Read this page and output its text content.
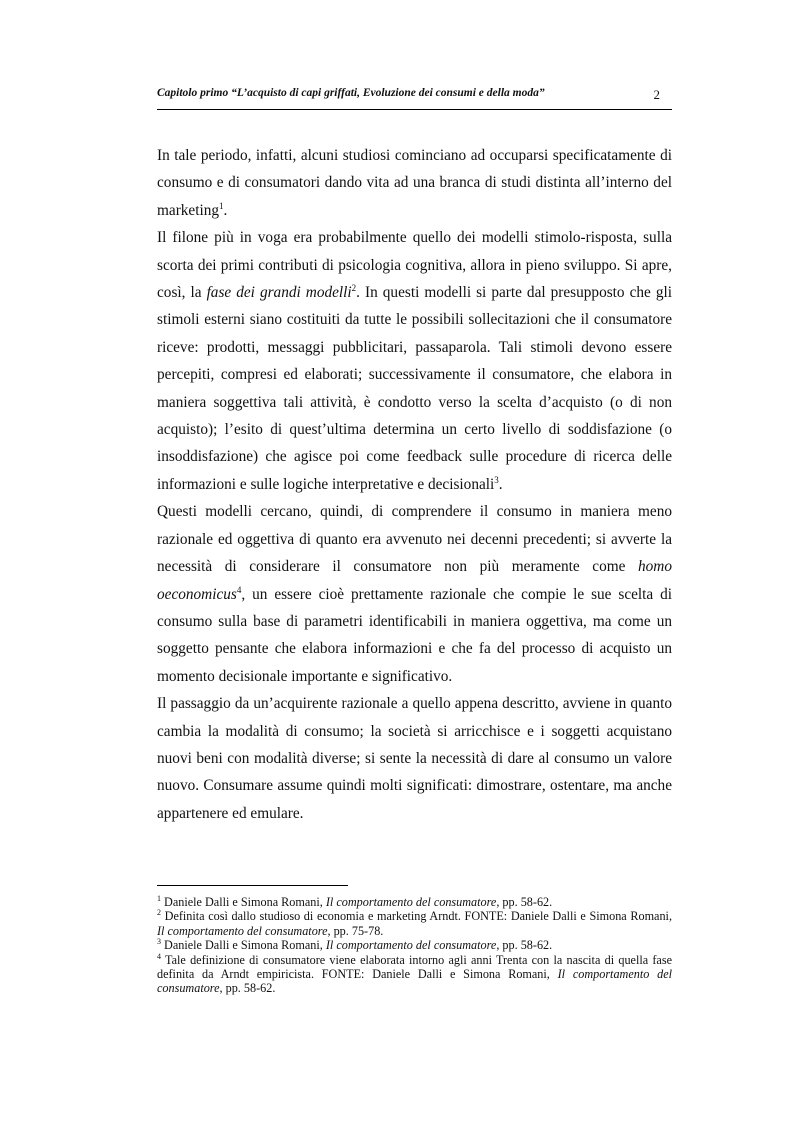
Capitolo primo “L’acquisto di capi griffati, Evoluzione dei consumi e della moda”	2

In tale periodo, infatti, alcuni studiosi cominciano ad occuparsi specificatamente di consumo e di consumatori dando vita ad una branca di studi distinta all’interno del marketing$^1$.

Il filone più in voga era probabilmente quello dei modelli stimolo-risposta, sulla scorta dei primi contributi di psicologia cognitiva, allora in pieno sviluppo. Si apre, così, la fase dei grandi modelli$^2$. In questi modelli si parte dal presupposto che gli stimoli esterni siano costituiti da tutte le possibili sollecitazioni che il consumatore riceve: prodotti, messaggi pubblicitari, passaparola. Tali stimoli devono essere percepiti, compresi ed elaborati; successivamente il consumatore, che elabora in maniera soggettiva tali attività, è condotto verso la scelta d’acquisto (o di non acquisto); l’esito di quest’ultima determina un certo livello di soddisfazione (o insoddisfazione) che agisce poi come feedback sulle procedure di ricerca delle informazioni e sulle logiche interpretative e decisionali$^3$.

Questi modelli cercano, quindi, di comprendere il consumo in maniera meno razionale ed oggettiva di quanto era avvenuto nei decenni precedenti; si avverte la necessità di considerare il consumatore non più meramente come homo oeconomicus$^4$, un essere cioè prettamente razionale che compie le sue scelta di consumo sulla base di parametri identificabili in maniera oggettiva, ma come un soggetto pensante che elabora informazioni e che fa del processo di acquisto un momento decisionale importante e significativo.

Il passaggio da un’acquirente razionale a quello appena descritto, avviene in quanto cambia la modalità di consumo; la società si arricchisce e i soggetti acquistano nuovi beni con modalità diverse; si sente la necessità di dare al consumo un valore nuovo. Consumare assume quindi molti significati: dimostrare, ostentare, ma anche appartenere ed emulare.

$^1$ Daniele Dalli e Simona Romani, Il comportamento del consumatore, pp. 58-62.

$^2$ Definita così dallo studioso di economia e marketing Arndt. FONTE: Daniele Dalli e Simona Romani, Il comportamento del consumatore, pp. 75-78.

$^3$ Daniele Dalli e Simona Romani, Il comportamento del consumatore, pp. 58-62.

$^4$ Tale definizione di consumatore viene elaborata intorno agli anni Trenta con la nascita di quella fase definita da Arndt empiricista. FONTE: Daniele Dalli e Simona Romani, Il comportamento del consumatore, pp. 58-62.
